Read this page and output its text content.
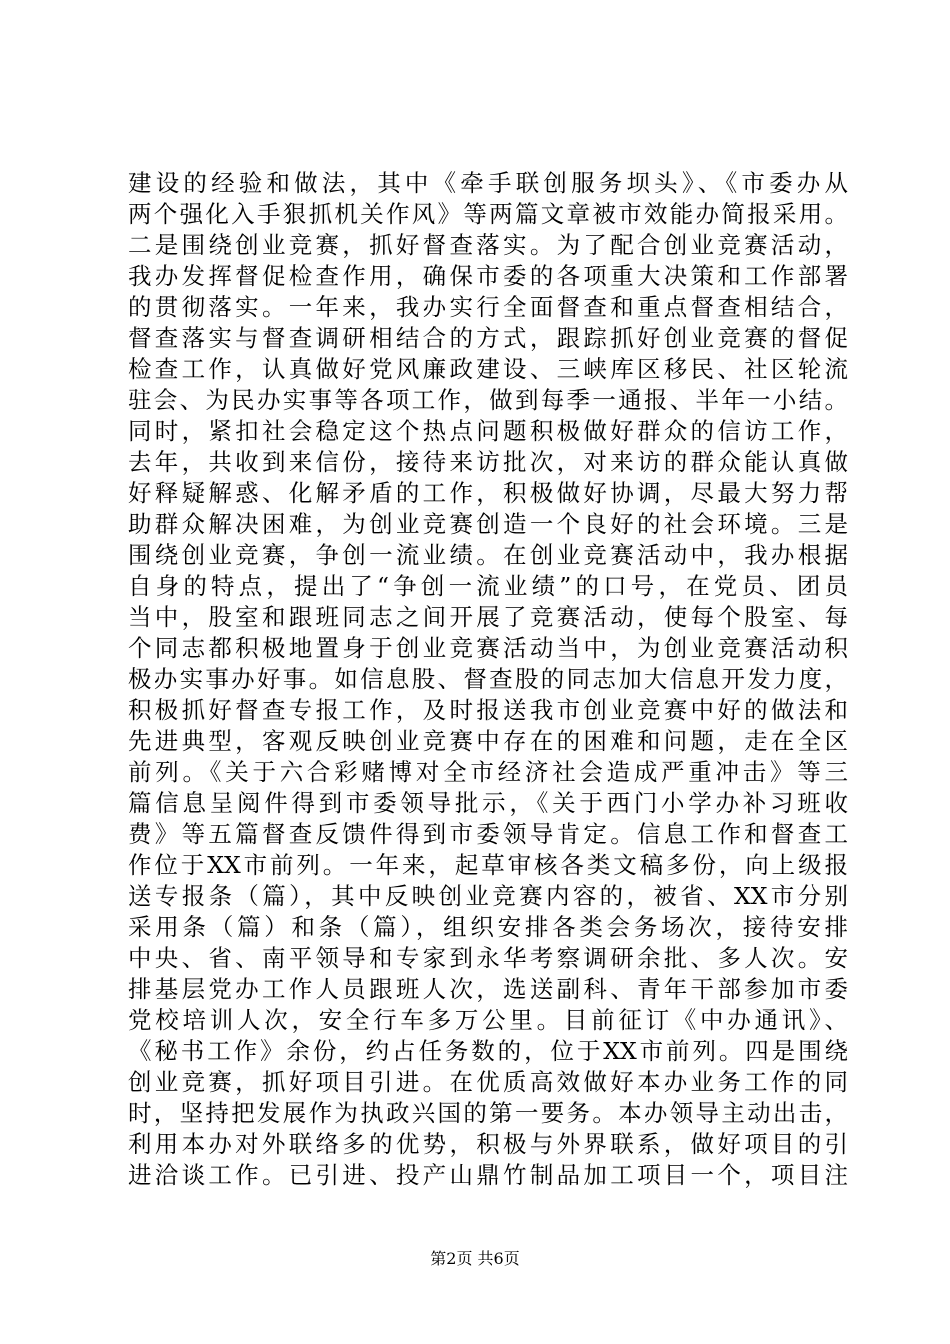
建设的经验和做法，其中《牵手联创服务坝头》、《市委办从
两个强化入手狠抓机关作风》等两篇文章被市效能办简报采用。
二是围绕创业竞赛，抓好督查落实。为了配合创业竞赛活动，
我办发挥督促检查作用，确保市委的各项重大决策和工作部署
的贯彻落实。一年来，我办实行全面督查和重点督查相结合，
督查落实与督查调研相结合的方式，跟踪抓好创业竞赛的督促
检查工作，认真做好党风廉政建设、三峡库区移民、社区轮流
驻会、为民办实事等各项工作，做到每季一通报、半年一小结。
同时，紧扣社会稳定这个热点问题积极做好群众的信访工作，
去年，共收到来信份，接待来访批次，对来访的群众能认真做
好释疑解惑、化解矛盾的工作，积极做好协调，尽最大努力帮
助群众解决困难，为创业竞赛创造一个良好的社会环境。三是
围绕创业竞赛，争创一流业绩。在创业竞赛活动中，我办根据
自身的特点，提出了“争创一流业绩”的口号，在党员、团员
当中，股室和跟班同志之间开展了竞赛活动，使每个股室、每
个同志都积极地置身于创业竞赛活动当中，为创业竞赛活动积
极办实事办好事。如信息股、督查股的同志加大信息开发力度，
积极抓好督查专报工作，及时报送我市创业竞赛中好的做法和
先进典型，客观反映创业竞赛中存在的困难和问题，走在全区
前列。《关于六合彩赌博对全市经济社会造成严重冲击》等三
篇信息呈阅件得到市委领导批示，《关于西门小学办补习班收
费》等五篇督查反馈件得到市委领导肯定。信息工作和督查工
作位于XX市前列。一年来，起草审核各类文稿多份，向上级报
送专报条（篇），其中反映创业竞赛内容的，被省、XX市分别
采用条（篇）和条（篇），组织安排各类会务场次，接待安排
中央、省、南平领导和专家到永华考察调研余批、多人次。安
排基层党办工作人员跟班人次，选送副科、青年干部参加市委
党校培训人次，安全行车多万公里。目前征订《中办通讯》、
《秘书工作》余份，约占任务数的，位于XX市前列。四是围绕
创业竞赛，抓好项目引进。在优质高效做好本办业务工作的同
时，坚持把发展作为执政兴国的第一要务。本办领导主动出击，
利用本办对外联络多的优势，积极与外界联系，做好项目的引
进洽谈工作。已引进、投产山鼎竹制品加工项目一个，项目注
第2页 共6页
